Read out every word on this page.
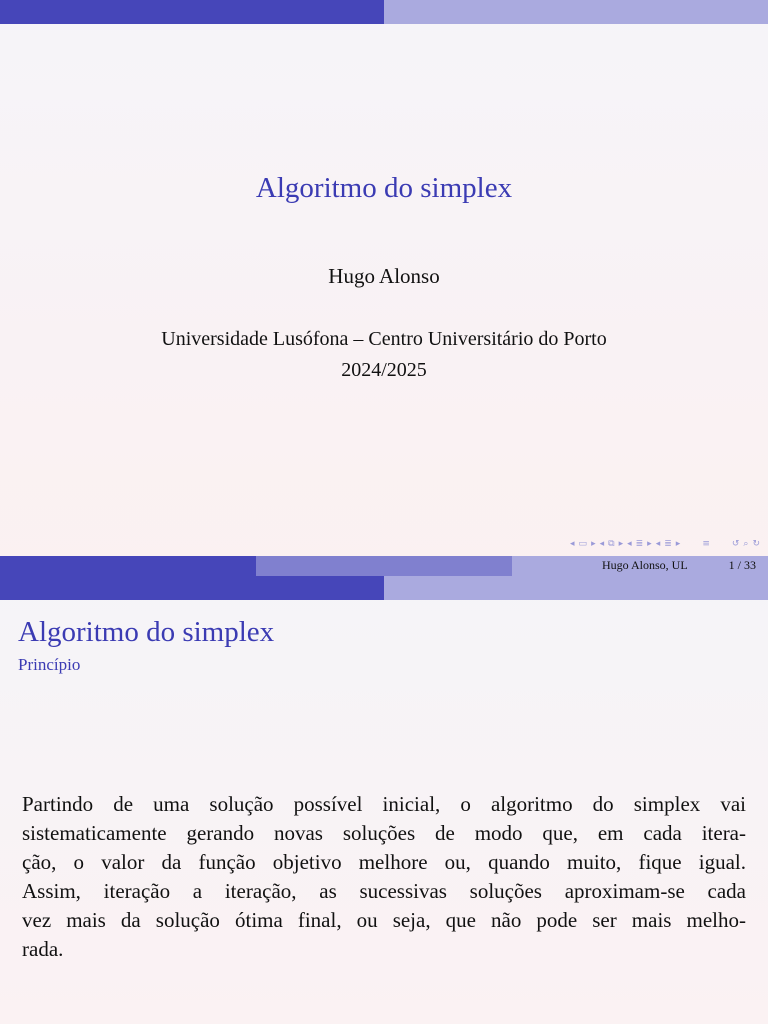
Algoritmo do simplex
Hugo Alonso
Universidade Lusófona – Centro Universitário do Porto
2024/2025
◂ ▭ ▸ ◂ ⧉ ▸ ◂ ≣ ▸ ◂ ≣ ▸ ≡ ↺ ⌕ ↻
Hugo Alonso, UL	1 / 33
Algoritmo do simplex
Princípio
Partindo de uma solução possível inicial, o algoritmo do simplex vai
sistematicamente gerando novas soluções de modo que, em cada itera-
ção, o valor da função objetivo melhore ou, quando muito, fique igual.
Assim, iteração a iteração, as sucessivas soluções aproximam-se cada
vez mais da solução ótima final, ou seja, que não pode ser mais melho-
rada.
